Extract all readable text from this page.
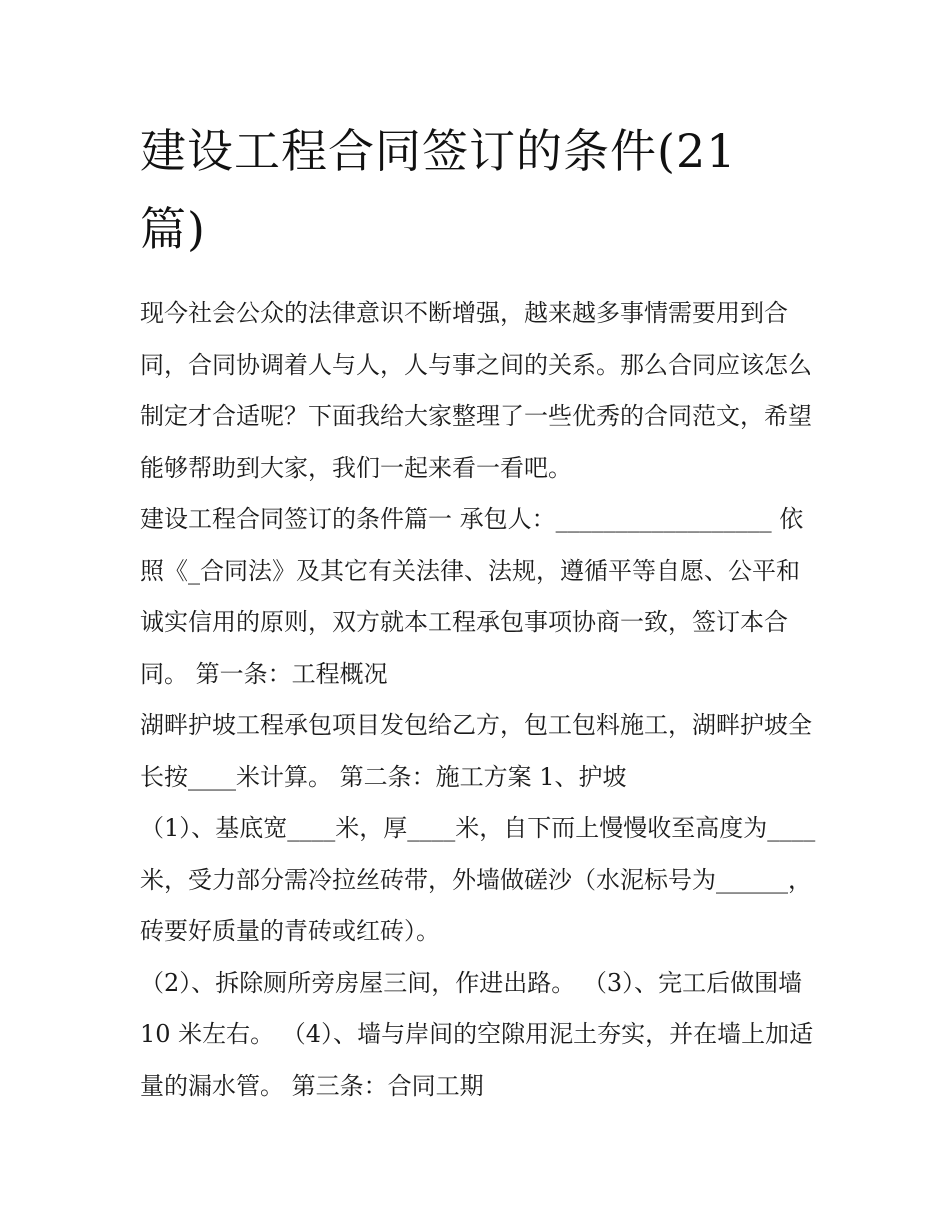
建设工程合同签订的条件(21篇)

现今社会公众的法律意识不断增强，越来越多事情需要用到合同，合同协调着人与人，人与事之间的关系。那么合同应该怎么制定才合适呢？下面我给大家整理了一些优秀的合同范文，希望能够帮助到大家，我们一起来看一看吧。

建设工程合同签订的条件篇一 承包人：__________________ 依照《_合同法》及其它有关法律、法规，遵循平等自愿、公平和诚实信用的原则，双方就本工程承包事项协商一致，签订本合同。 第一条：工程概况

湖畔护坡工程承包项目发包给乙方，包工包料施工，湖畔护坡全长按____米计算。 第二条：施工方案 1、护坡

（1）、基底宽____米，厚____米，自下而上慢慢收至高度为____米，受力部分需冷拉丝砖带，外墙做磋沙（水泥标号为______，砖要好质量的青砖或红砖）。

（2）、拆除厕所旁房屋三间，作进出路。 （3）、完工后做围墙 10 米左右。 （4）、墙与岸间的空隙用泥土夯实，并在墙上加适量的漏水管。 第三条：合同工期
